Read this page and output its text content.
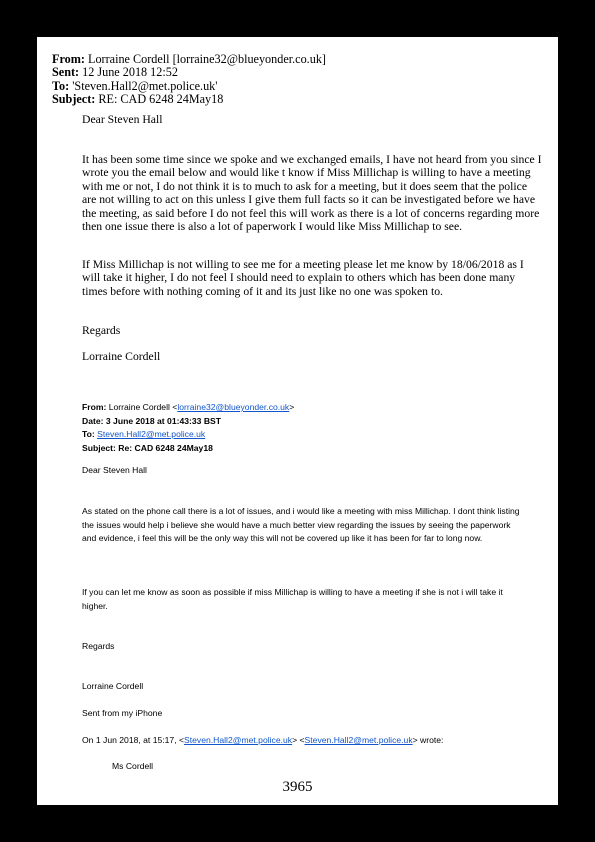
From: Lorraine Cordell [lorraine32@blueyonder.co.uk]
Sent: 12 June 2018 12:52
To: 'Steven.Hall2@met.police.uk'
Subject: RE: CAD 6248 24May18
Dear Steven Hall
It has been some time since we spoke and we exchanged emails, I have not heard from you since I wrote you the email below and would like t know if Miss Millichap is willing to have a meeting with me or not, I do not think it is to much to ask for a meeting, but it does seem that the police are not willing to act on this unless I give them full facts so it can be investigated before we have the meeting, as said before I do not feel this will work as there is a lot of concerns regarding more then one issue there is also a lot of paperwork I would like Miss Millichap to see.
If Miss Millichap is not willing to see me for a meeting please let me know by 18/06/2018 as I will take it higher, I do not feel I should need to explain to others which has been done many times before with nothing coming of it and its just like no one was spoken to.
Regards
Lorraine Cordell
From: Lorraine Cordell <lorraine32@blueyonder.co.uk>
Date: 3 June 2018 at 01:43:33 BST
To: Steven.Hall2@met.police.uk
Subject: Re: CAD 6248 24May18
Dear Steven Hall
As stated on the phone call there is a lot of issues, and i would like a meeting with miss Millichap. I dont think listing the issues would help i believe she would have a much better view regarding the issues by seeing the paperwork and evidence, i feel this will be the only way this will not be covered up like it has been for far to long now.
If you can let me know as soon as possible if miss Millichap is willing to have a meeting if she is not i will take it higher.
Regards
Lorraine Cordell
Sent from my iPhone
On 1 Jun 2018, at 15:17, <Steven.Hall2@met.police.uk> <Steven.Hall2@met.police.uk> wrote:
Ms Cordell
3965
